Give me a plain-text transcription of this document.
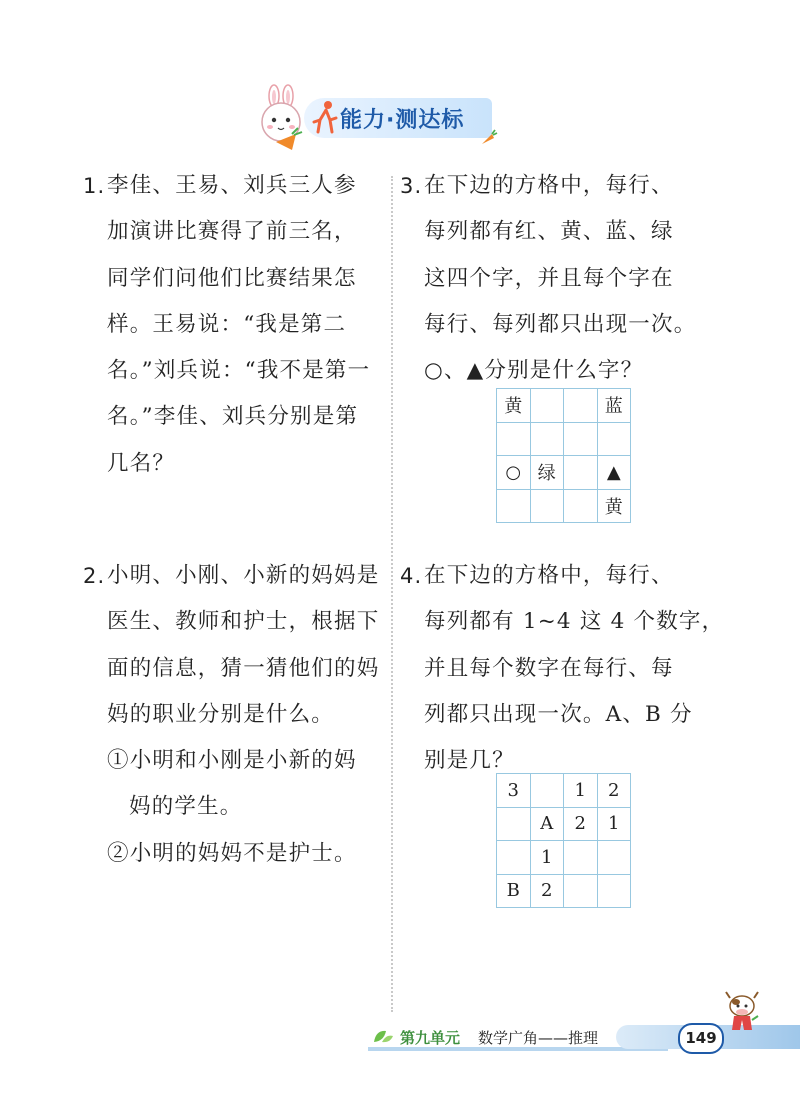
能力·测达标
1. 李佳、王易、刘兵三人参
加演讲比赛得了前三名，
同学们问他们比赛结果怎
样。王易说：“我是第二
名。”刘兵说：“我不是第一
名。”李佳、刘兵分别是第
几名？
2. 小明、小刚、小新的妈妈是
医生、教师和护士，根据下
面的信息，猜一猜他们的妈
妈的职业分别是什么。
①小明和小刚是小新的妈
妈的学生。
②小明的妈妈不是护士。
3. 在下边的方格中，每行、
每列都有红、黄、蓝、绿
这四个字，并且每个字在
每行、每列都只出现一次。
○、▲分别是什么字？
黄			蓝

○	绿		▲
			黄
4. 在下边的方格中，每行、
每列都有 1~4 这 4 个数字，
并且每个数字在每行、每
列都只出现一次。A、B 分
别是几？
3		1	2
	A	2	1
	1		
B	2		
第九单元 数学广角——推理	149
